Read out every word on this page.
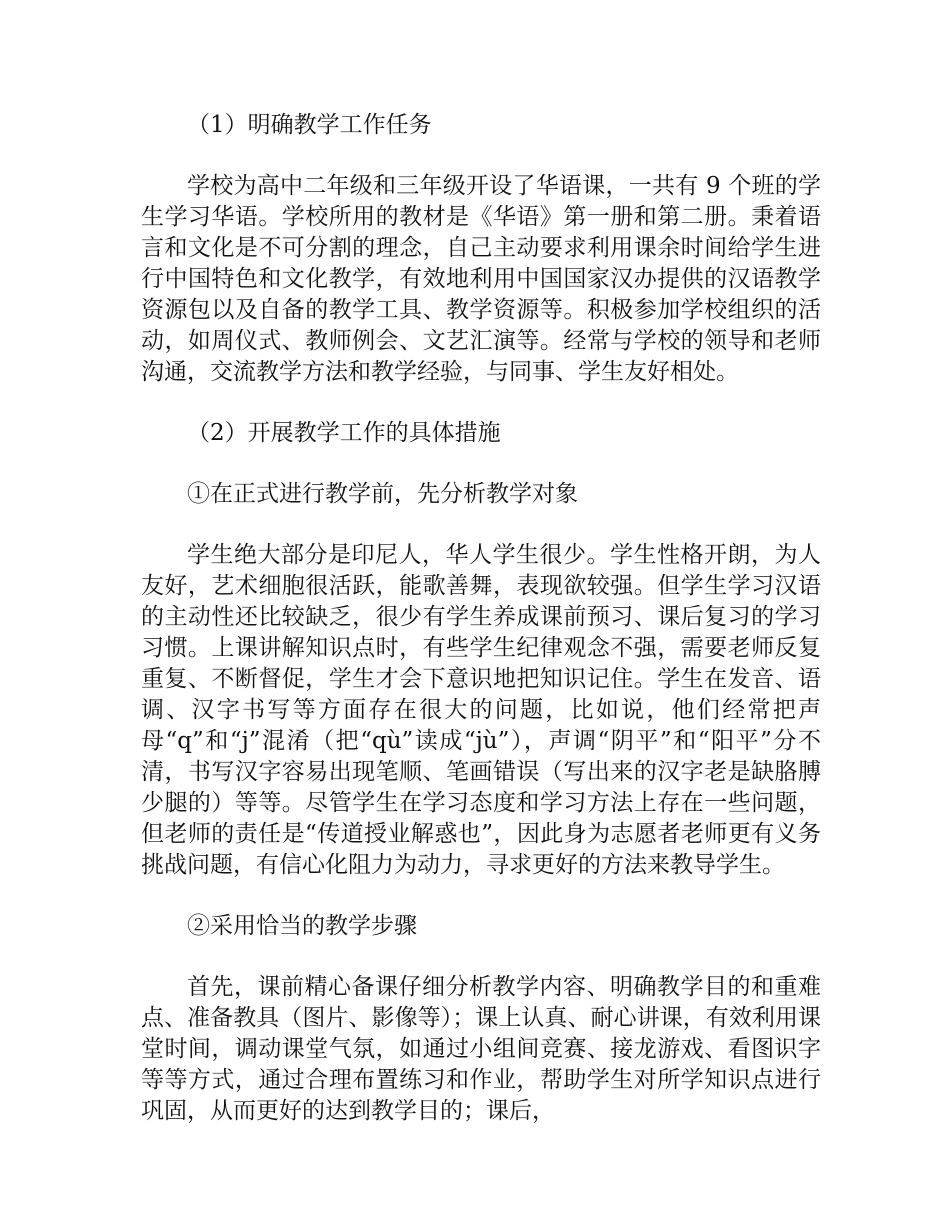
（1）明确教学工作任务

学校为高中二年级和三年级开设了华语课，一共有 9 个班的学生学习华语。学校所用的教材是《华语》第一册和第二册。秉着语言和文化是不可分割的理念，自己主动要求利用课余时间给学生进行中国特色和文化教学，有效地利用中国国家汉办提供的汉语教学资源包以及自备的教学工具、教学资源等。积极参加学校组织的活动，如周仪式、教师例会、文艺汇演等。经常与学校的领导和老师沟通，交流教学方法和教学经验，与同事、学生友好相处。

（2）开展教学工作的具体措施

①在正式进行教学前，先分析教学对象

学生绝大部分是印尼人，华人学生很少。学生性格开朗，为人友好，艺术细胞很活跃，能歌善舞，表现欲较强。但学生学习汉语的主动性还比较缺乏，很少有学生养成课前预习、课后复习的学习习惯。上课讲解知识点时，有些学生纪律观念不强，需要老师反复重复、不断督促，学生才会下意识地把知识记住。学生在发音、语调、汉字书写等方面存在很大的问题，比如说，他们经常把声母“q”和“j”混淆（把“qù”读成“jù”），声调“阴平”和“阳平”分不清，书写汉字容易出现笔顺、笔画错误（写出来的汉字老是缺胳膊少腿的）等等。尽管学生在学习态度和学习方法上存在一些问题，但老师的责任是“传道授业解惑也”，因此身为志愿者老师更有义务挑战问题，有信心化阻力为动力，寻求更好的方法来教导学生。

②采用恰当的教学步骤

首先，课前精心备课仔细分析教学内容、明确教学目的和重难点、准备教具（图片、影像等）；课上认真、耐心讲课，有效利用课堂时间，调动课堂气氛，如通过小组间竞赛、接龙游戏、看图识字等等方式，通过合理布置练习和作业，帮助学生对所学知识点进行巩固，从而更好的达到教学目的；课后，
